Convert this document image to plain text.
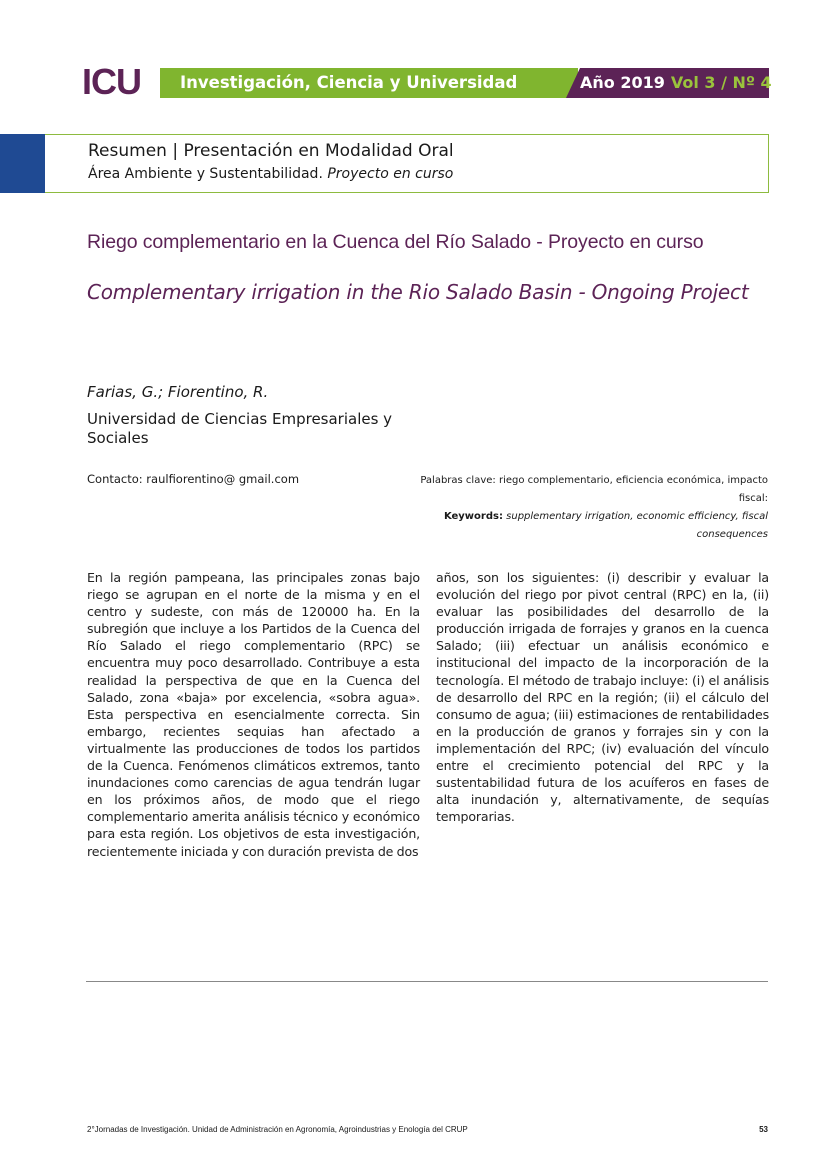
ICU Investigación, Ciencia y Universidad	Año 2019 Vol 3 / Nº 4
Resumen | Presentación en Modalidad Oral
Área Ambiente y Sustentabilidad. Proyecto en curso
Riego complementario en la Cuenca del Río Salado - Proyecto en curso
Complementary irrigation in the Rio Salado Basin - Ongoing Project
Farias, G.; Fiorentino, R.
Universidad de Ciencias Empresariales y Sociales
Contacto: raulfiorentino@ gmail.com	Palabras clave: riego complementario, eficiencia económica, impacto fiscal:
Keywords: supplementary irrigation, economic efficiency, fiscal consequences
En la región pampeana, las principales zonas bajo riego se agrupan en el norte de la misma y en el centro y sudeste, con más de 120000 ha. En la subregión que incluye a los Partidos de la Cuenca del Río Salado el riego complementario (RPC) se encuentra muy poco desarrollado. Contribuye a esta realidad la perspectiva de que en la Cuenca del Salado, zona «baja» por excelencia, «sobra agua». Esta perspectiva en esencialmente correcta. Sin embargo, recientes sequias han afectado a virtualmente las producciones de todos los partidos de la Cuenca. Fenómenos climáticos extremos, tanto inundaciones como carencias de agua tendrán lugar en los próximos años, de modo que el riego complementario amerita análisis técnico y económico para esta región. Los objetivos de esta investigación, recientemente iniciada y con duración prevista de dos
años, son los siguientes: (i) describir y evaluar la evolución del riego por pivot central (RPC) en la, (ii) evaluar las posibilidades del desarrollo de la producción irrigada de forrajes y granos en la cuenca Salado; (iii) efectuar un análisis económico e institucional del impacto de la incorporación de la tecnología. El método de trabajo incluye: (i) el análisis de desarrollo del RPC en la región; (ii) el cálculo del consumo de agua; (iii) estimaciones de rentabilidades en la producción de granos y forrajes sin y con la implementación del RPC; (iv) evaluación del vínculo entre el crecimiento potencial del RPC y la sustentabilidad futura de los acuíferos en fases de alta inundación y, alternativamente, de sequías temporarias.
2°Jornadas de Investigación. Unidad de Administración en Agronomía, Agroindustrias y Enología del CRUP	53
